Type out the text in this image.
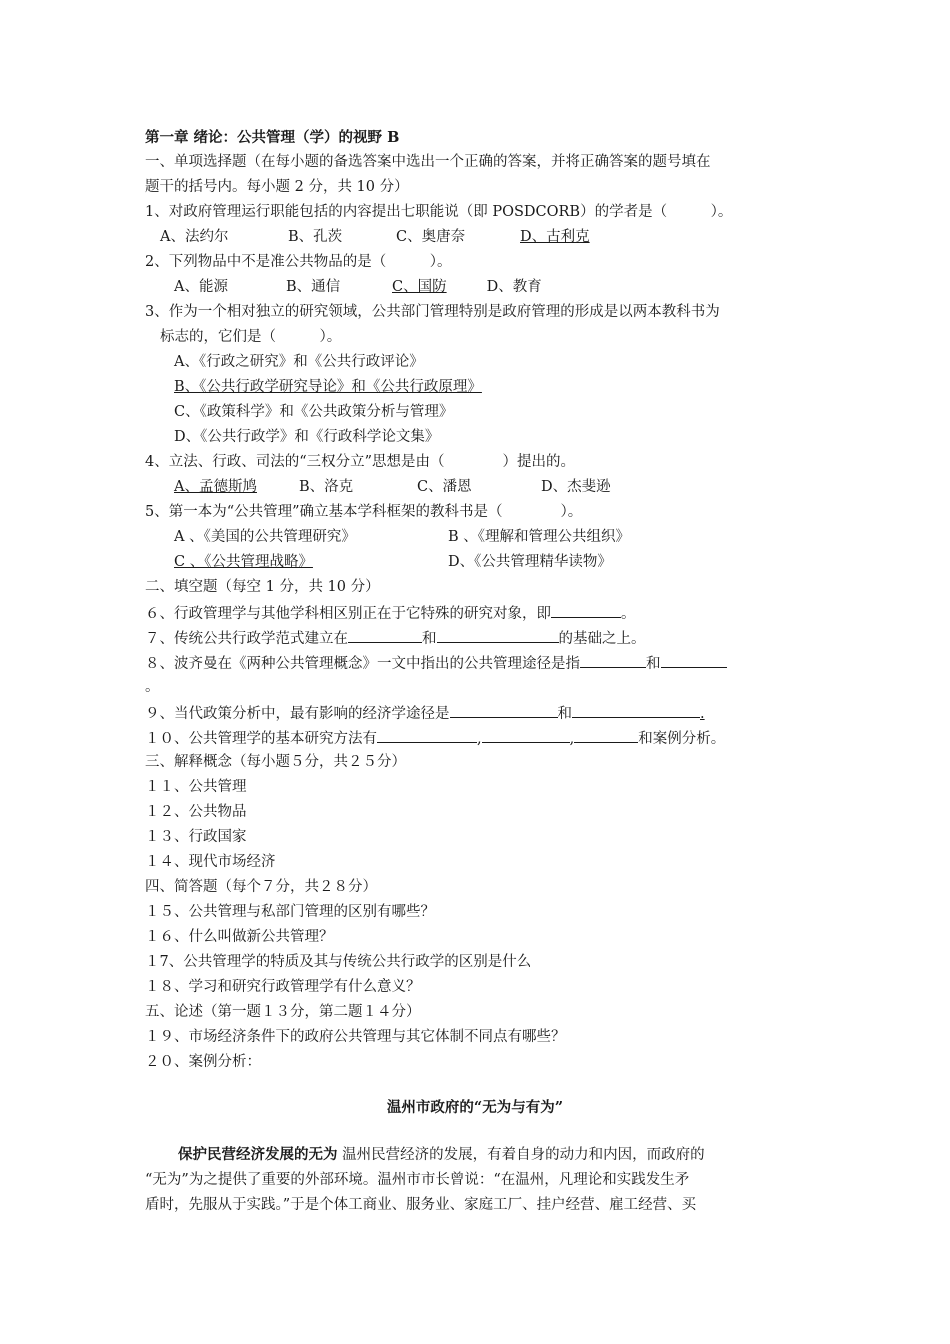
第一章 绪论：公共管理（学）的视野 B
一、单项选择题（在每小题的备选答案中选出一个正确的答案，并将正确答案的题号填在
题干的括号内。每小题 2 分，共 10 分）
1、对政府管理运行职能包括的内容提出七职能说（即 POSDCORB）的学者是（　　　）。
A、法约尔	B、孔茨	C、奥唐奈	D、古利克
2、下列物品中不是准公共物品的是（　　　）。
A、能源	B、通信	C、国防	D、教育
3、作为一个相对独立的研究领域，公共部门管理特别是政府管理的形成是以两本教科书为
标志的，它们是（　　　）。
A、《行政之研究》和《公共行政评论》
B、《公共行政学研究导论》和《公共行政原理》
C、《政策科学》和《公共政策分析与管理》
D、《公共行政学》和《行政科学论文集》
4、立法、行政、司法的“三权分立”思想是由（　　　　）提出的。
A、孟德斯鸠	B、洛克	C、潘恩	D、杰斐逊
5、第一本为“公共管理”确立基本学科框架的教科书是（　　　　）。
A 、《美国的公共管理研究》	B 、《理解和管理公共组织》
C 、《公共管理战略》	D、《公共管理精华读物》
二、填空题（每空 1 分，共 10 分）
６、行政管理学与其他学科相区别正在于它特殊的研究对象，即	。
７、传统公共行政学范式建立在	和	的基础之上。
８、波齐曼在《两种公共管理概念》一文中指出的公共管理途径是指	和
。
９、当代政策分析中，最有影响的经济学途径是	和	.
１０、公共管理学的基本研究方法有	,	,	和案例分析。
三、解释概念（每小题５分，共２５分）
１１、公共管理
１２、公共物品
１３、行政国家
１４、现代市场经济
四、简答题（每个７分，共２８分）
１５、公共管理与私部门管理的区别有哪些？
１６、什么叫做新公共管理？
１7、公共管理学的特质及其与传统公共行政学的区别是什么
１８、学习和研究行政管理学有什么意义？
五、论述（第一题１３分，第二题１４分）
１９、市场经济条件下的政府公共管理与其它体制不同点有哪些？
２０、案例分析：
温州市政府的“无为与有为”
保护民营经济发展的无为 温州民营经济的发展，有着自身的动力和内因，而政府的
“无为”为之提供了重要的外部环境。温州市市长曾说：“在温州，凡理论和实践发生矛
盾时，先服从于实践。”于是个体工商业、服务业、家庭工厂、挂户经营、雇工经营、买
